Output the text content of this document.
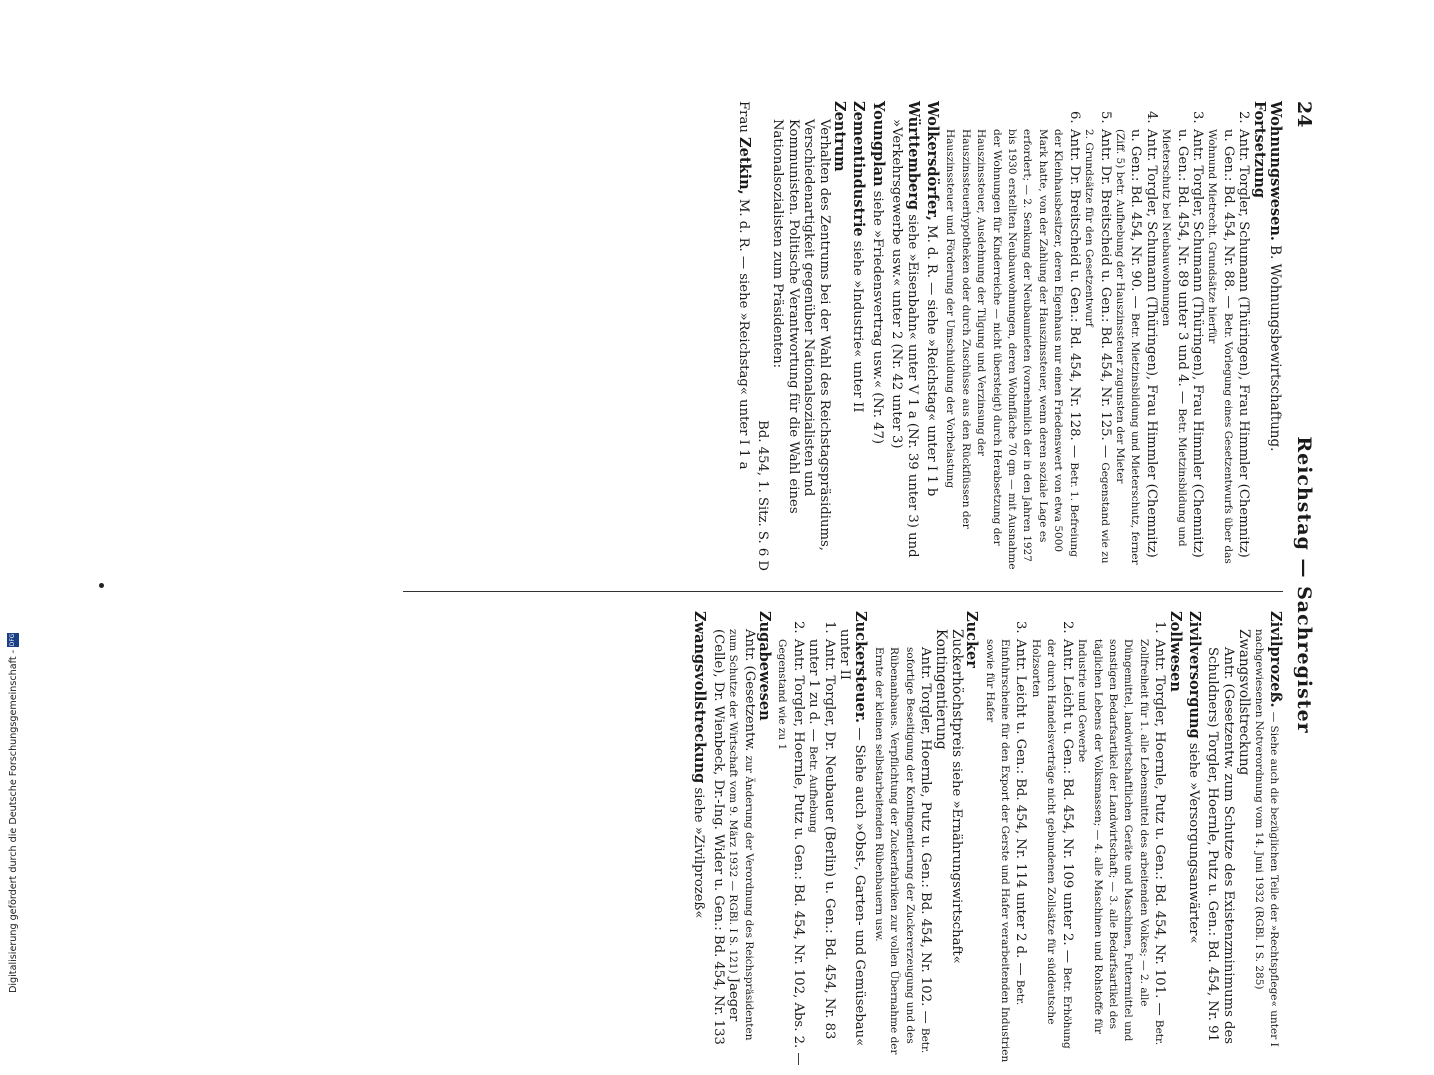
Digitalisierung gefördert durch die Deutsche Forschungsgemeinschaft -DFG
24
Reichstag — Sachregister
Wohnungswesen. B. Wohnungsbewirtschaftung.
Fortsetzung
2.
Antr. Torgler, Schumann (Thüringen), Frau Himmler (Chemnitz) u. Gen.: Bd. 454, Nr. 88. — Betr. Vorlegung eines Gesetzentwurfs über das Wohnund Mietrecht. Grundsätze hierfür
3.
Antr. Torgler, Schumann (Thüringen), Frau Himmler (Chemnitz) u. Gen.: Bd. 454, Nr. 89 unter 3 und 4. — Betr. Mietzinsbildung und Mieterschutz bei Neubauwohnungen
4.
Antr. Torgler, Schumann (Thüringen), Frau Himmler (Chemnitz) u. Gen.: Bd. 454, Nr. 90. — Betr. Mietzinsbildung und Mieterschutz, ferner (Ziff. 5) betr. Aufhebung der Hauszinssteuer zugunsten der Mieter
5.
Antr. Dr. Breitscheid u. Gen.: Bd. 454, Nr. 125. — Gegenstand wie zu 2. Grundsätze für den Gesetzentwurf
6.
Antr. Dr. Breitscheid u. Gen.: Bd. 454, Nr. 128. — Betr. 1. Befreiung der Kleinhausbesitzer, deren Eigenhaus nur einen Friedenswert von etwa 5000 Mark hatte, von der Zahlung der Hauszinssteuer, wenn deren soziale Lage es erfordert; — 2. Senkung der Neubaumieten (vornehmlich der in den Jahren 1927 bis 1930 erstellten Neubauwohnungen, deren Wohnfläche 70 qm — mit Ausnahme der Wohnungen für Kinderreiche — nicht übersteigt) durch Herabsetzung der Hauszinssteuer, Ausdehnung der Tilgung und Verzinsung der Hauszinssteuerhypotheken oder durch Zuschüsse aus den Rückflüssen der Hauszinssteuer und Förderung der Umschuldung der Vorbelastung
Wolkersdörfer, M. d. R. — siehe »Reichstag« unter I 1 b
Württemberg siehe »Eisenbahn« unter V 1 a (Nr. 39 unter 3) und »Verkehrsgewerbe usw.« unter 2 (Nr. 42 unter 3)
Youngplan siehe »Friedensvertrag usw.« (Nr. 47)
Zementindustrie siehe »Industrie« unter II
Zentrum
Verhalten des Zentrums bei der Wahl des Reichstagspräsidiums, Verschiedenartigkeit gegenüber Nationalsozialisten und Kommunisten. Politische Verantwortung für die Wahl eines Nationalsozialisten zum Präsidenten:
Bd. 454, 1. Sitz. S. 6 D
Frau Zetkin, M. d. R. — siehe »Reichstag« unter I 1 a
Zivilprozeß. — Siehe auch die bezüglichen Teile der »Rechtspflege« unter I nachgewiesenen Notverordnung vom 14. Juni 1932 (RGBl. I S. 285)
Zwangsvollstreckung
Antr. (Gesetzentw. zum Schutze des Existenzminimums des Schuldners) Torgler, Hoernle, Putz u. Gen.: Bd. 454, Nr. 91
Zivilversorgung siehe »Versorgungsanwärter«
Zollwesen
1.
Antr. Torgler, Hoernle, Putz u. Gen.: Bd. 454, Nr. 101. — Betr. Zollfreiheit für 1. alle Lebensmittel des arbeitenden Volkes; — 2. alle Düngemittel, landwirtschaftlichen Geräte und Maschinen, Futtermittel und sonstigen Bedarfsartikel der Landwirtschaft; — 3. alle Bedarfsartikel des täglichen Lebens der Volksmassen; — 4. alle Maschinen und Rohstoffe für Industrie und Gewerbe
2.
Antr. Leicht u. Gen.: Bd. 454, Nr. 109 unter 2. — Betr. Erhöhung der durch Handelsverträge nicht gebundenen Zollsätze für süddeutsche Holzsorten
3.
Antr. Leicht u. Gen.: Bd. 454, Nr. 114 unter 2 d. — Betr. Einfuhrscheine für den Export der Gerste und Hafer verarbeitenden Industrien sowie für Hafer
Zucker
Zuckerhöchstpreis siehe »Ernährungswirtschaft«
Kontingentierung
Antr. Torgler, Hoernle, Putz u. Gen.: Bd. 454, Nr. 102. — Betr. sofortige Beseitigung der Kontingentierung der Zuckererzeugung und des Rübenanbaues. Verpflichtung der Zuckerfabriken zur vollen Übernahme der Ernte der kleinen selbstarbeitenden Rübenbauern usw.
Zuckersteuer. — Siehe auch »Obst-, Garten- und Gemüsebau« unter II
1.
Antr. Torgler, Dr. Neubauer (Berlin) u. Gen.: Bd. 454, Nr. 83 unter 1 zu d. — Betr. Aufhebung
2.
Antr. Torgler, Hoernle, Putz u. Gen.: Bd. 454, Nr. 102, Abs. 2. — Gegenstand wie zu 1
Zugabewesen
Antr. (Gesetzentw. zur Änderung der Verordnung des Reichspräsidenten zum Schutze der Wirtschaft vom 9. März 1932 — RGBl. I S. 121) Jaeger (Celle), Dr. Wienbeck, Dr.-Ing. Wider u. Gen.: Bd. 454, Nr. 133
Zwangsvollstreckung siehe »Zivilprozeß«
